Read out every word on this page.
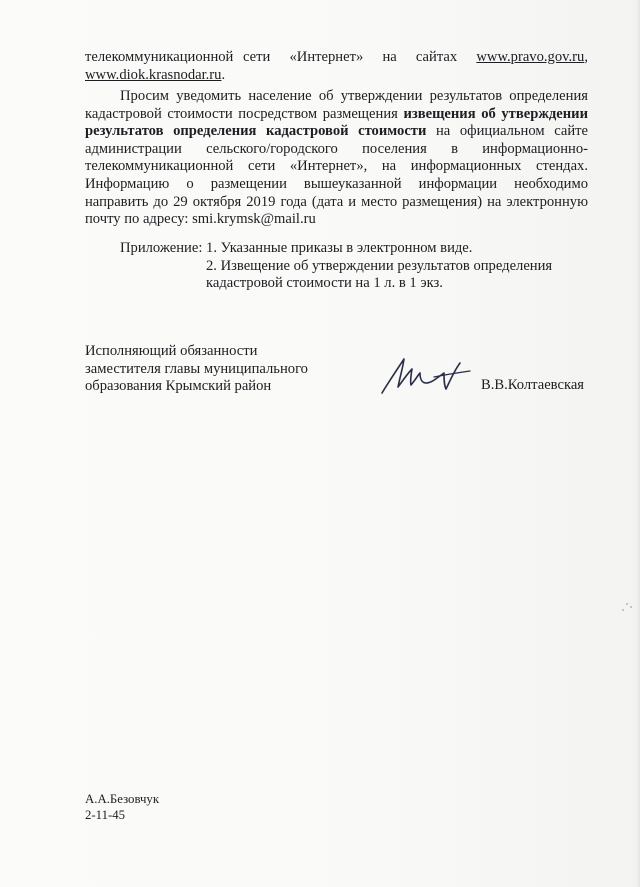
телекоммуникационной сети «Интернет» на сайтах www.pravo.gov.ru,
www.diok.krasnodar.ru.
Просим уведомить население об утверждении результатов определения
кадастровой стоимости посредством размещения извещения об утверждении
результатов определения кадастровой стоимости на официальном сайте
администрации сельского/городского поселения в информационно-
телекоммуникационной сети «Интернет», на информационных стендах.
Информацию о размещении вышеуказанной информации необходимо
направить до 29 октября 2019 года (дата и место размещения) на электронную
почту по адресу: smi.krymsk@mail.ru
Приложение: 1. Указанные приказы в электронном виде.
2. Извещение об утверждении результатов определения
кадастровой стоимости на 1 л. в 1 экз.
Исполняющий обязанности
заместителя главы муниципального
образования Крымский район	В.В.Колтаевская
А.А.Безовчук
2-11-45
